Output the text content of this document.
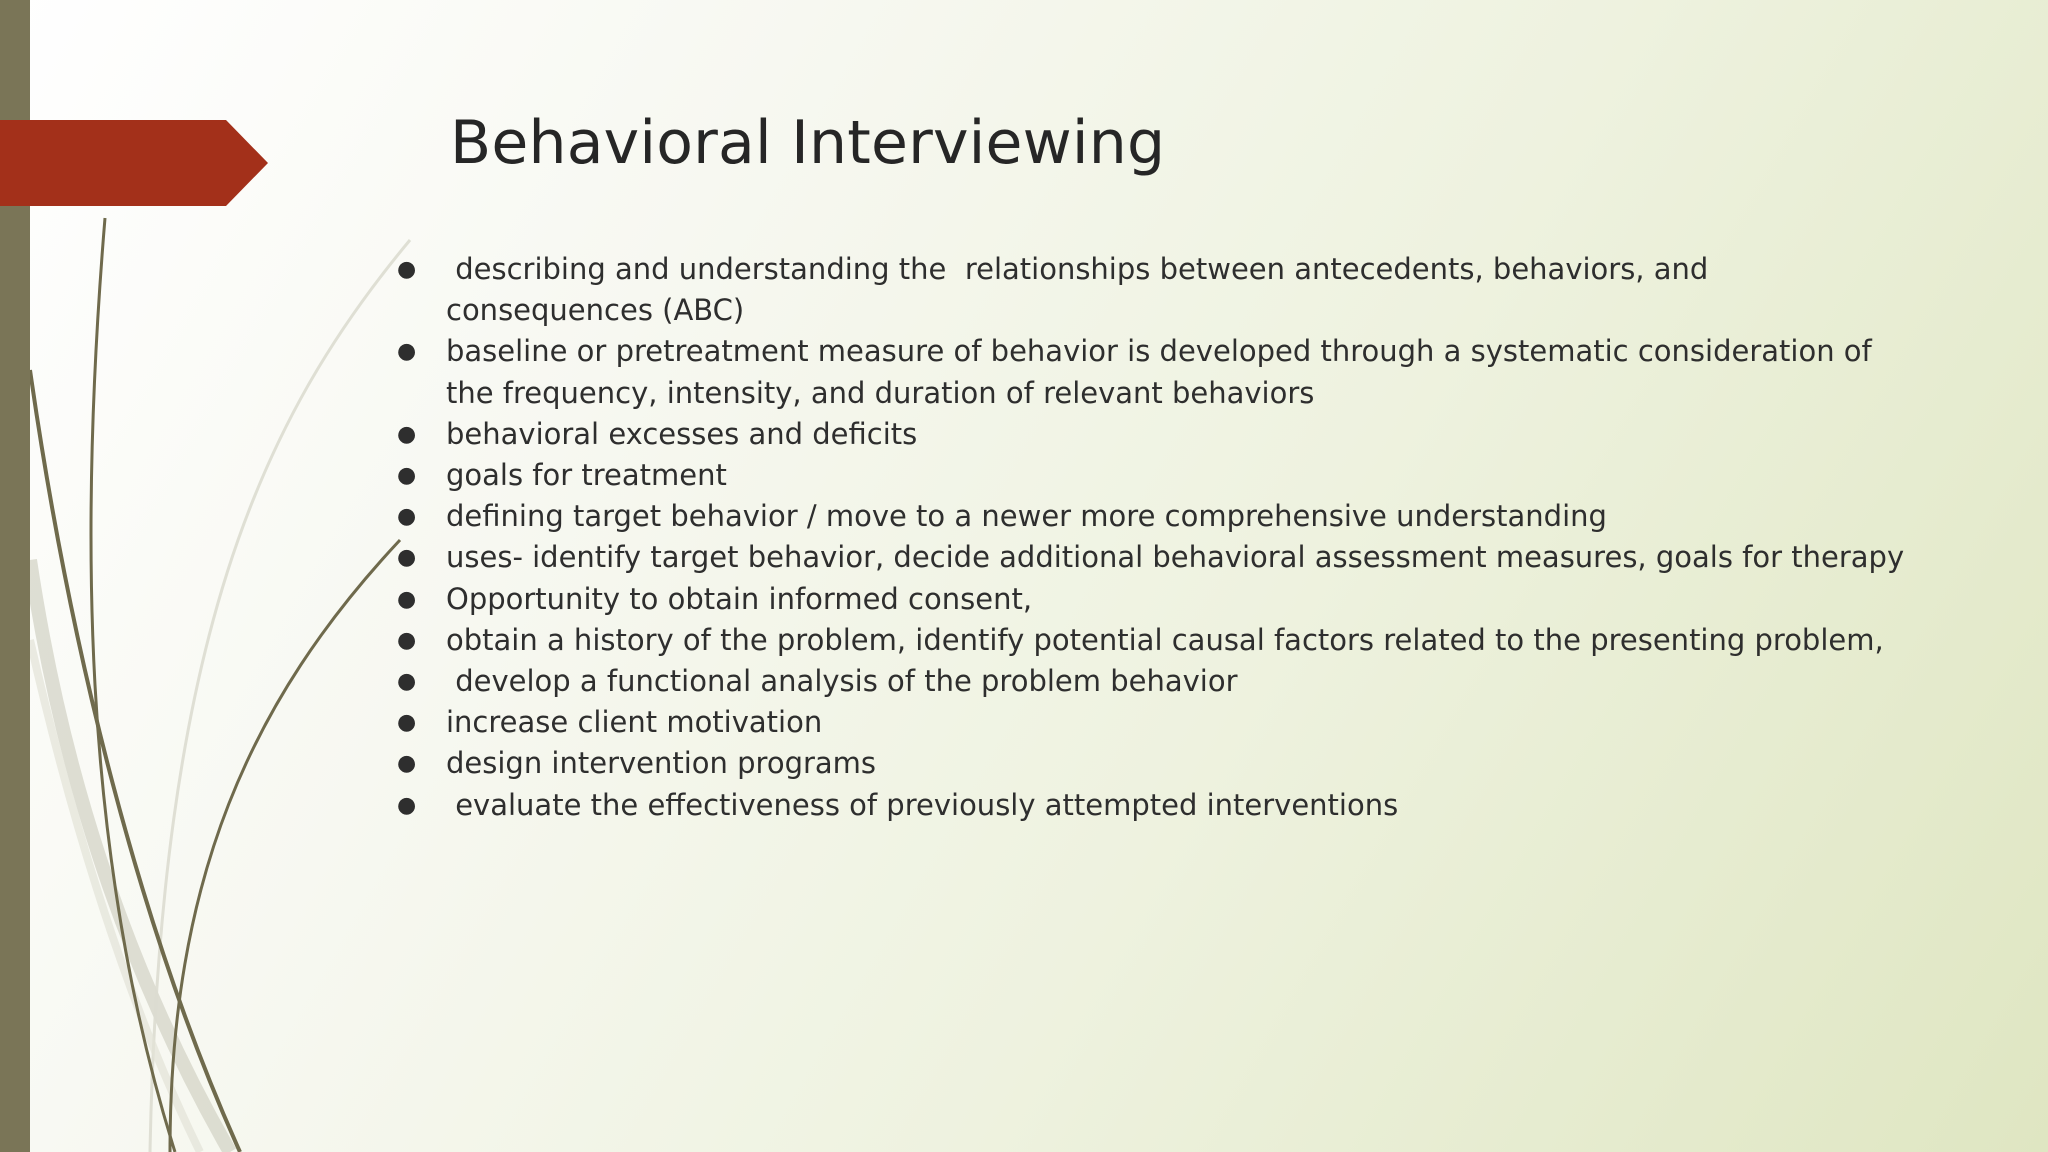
Behavioral Interviewing
● describing and understanding the  relationships between antecedents, behaviors, and consequences (ABC)
● baseline or pretreatment measure of behavior is developed through a systematic consideration of the frequency, intensity, and duration of relevant behaviors
● behavioral excesses and deficits
● goals for treatment
● defining target behavior / move to a newer more comprehensive understanding
● uses- identify target behavior, decide additional behavioral assessment measures, goals for therapy
● Opportunity to obtain informed consent,
● obtain a history of the problem, identify potential causal factors related to the presenting problem,
● develop a functional analysis of the problem behavior
● increase client motivation
● design intervention programs
● evaluate the effectiveness of previously attempted interventions
